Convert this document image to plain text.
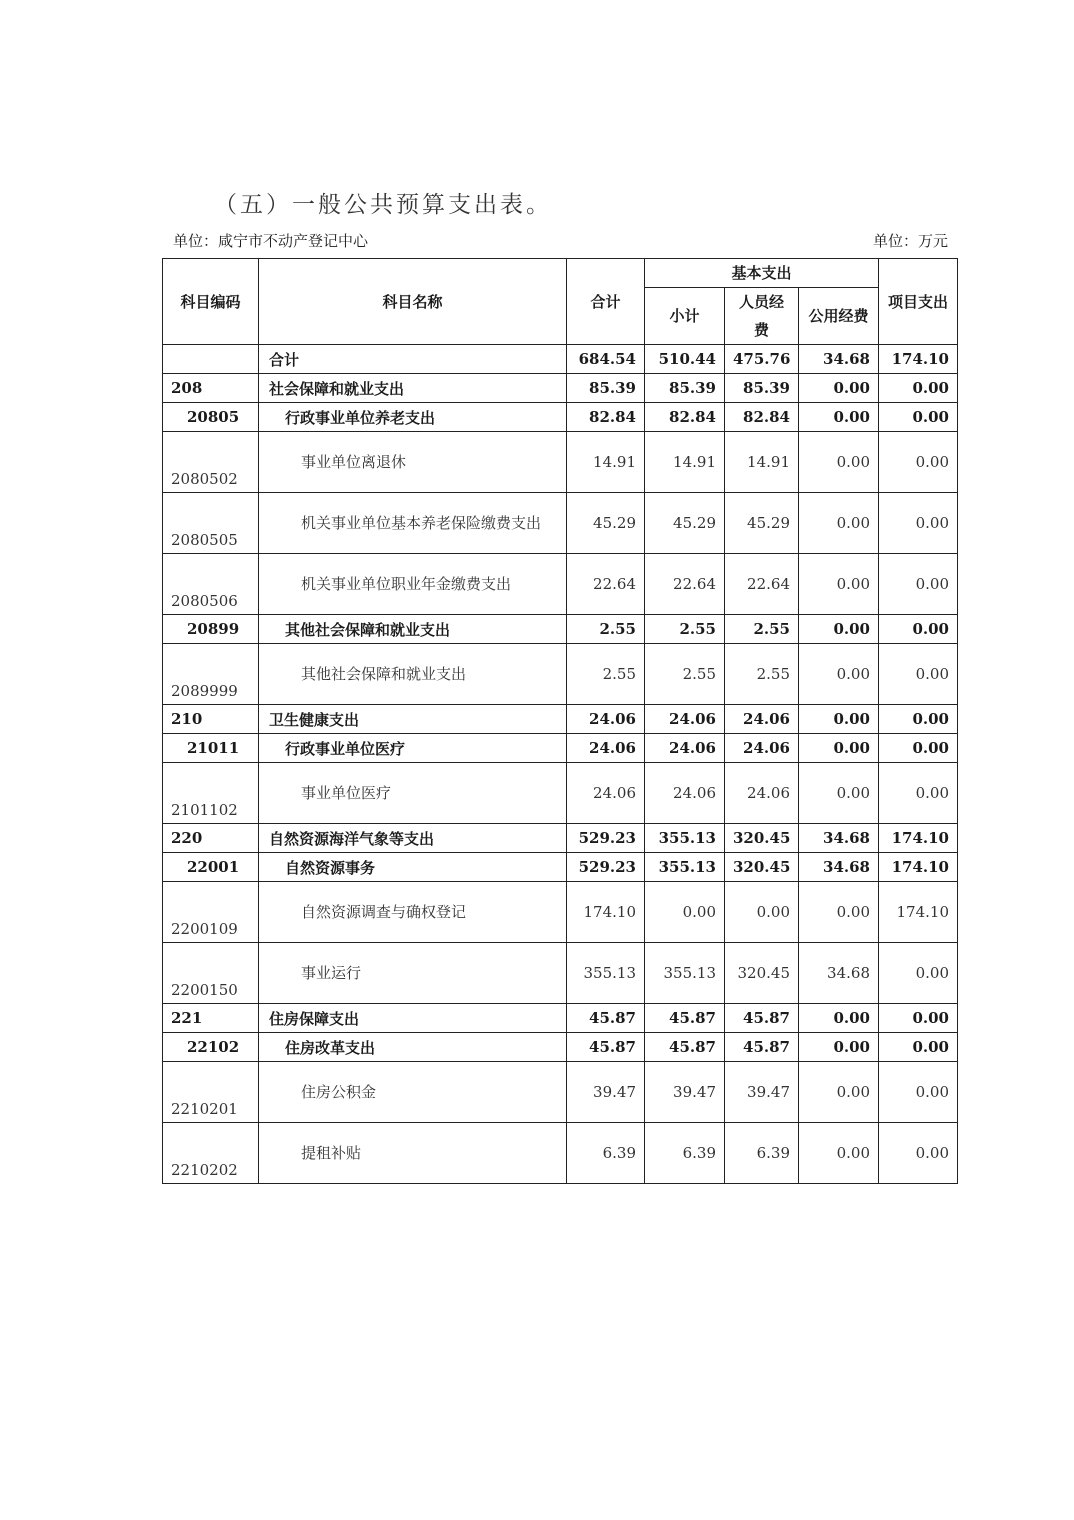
（五）一般公共预算支出表。
单位：咸宁市不动产登记中心	单位：万元
科目编码	科目名称	合计	基本支出			项目支出
			小计	人员经费	公用经费	
	合计	684.54	510.44	475.76	34.68	174.10
208	社会保障和就业支出	85.39	85.39	85.39	0.00	0.00
20805	行政事业单位养老支出	82.84	82.84	82.84	0.00	0.00
2080502	事业单位离退休	14.91	14.91	14.91	0.00	0.00
2080505	机关事业单位基本养老保险缴费支出	45.29	45.29	45.29	0.00	0.00
2080506	机关事业单位职业年金缴费支出	22.64	22.64	22.64	0.00	0.00
20899	其他社会保障和就业支出	2.55	2.55	2.55	0.00	0.00
2089999	其他社会保障和就业支出	2.55	2.55	2.55	0.00	0.00
210	卫生健康支出	24.06	24.06	24.06	0.00	0.00
21011	行政事业单位医疗	24.06	24.06	24.06	0.00	0.00
2101102	事业单位医疗	24.06	24.06	24.06	0.00	0.00
220	自然资源海洋气象等支出	529.23	355.13	320.45	34.68	174.10
22001	自然资源事务	529.23	355.13	320.45	34.68	174.10
2200109	自然资源调查与确权登记	174.10	0.00	0.00	0.00	174.10
2200150	事业运行	355.13	355.13	320.45	34.68	0.00
221	住房保障支出	45.87	45.87	45.87	0.00	0.00
22102	住房改革支出	45.87	45.87	45.87	0.00	0.00
2210201	住房公积金	39.47	39.47	39.47	0.00	0.00
2210202	提租补贴	6.39	6.39	6.39	0.00	0.00
